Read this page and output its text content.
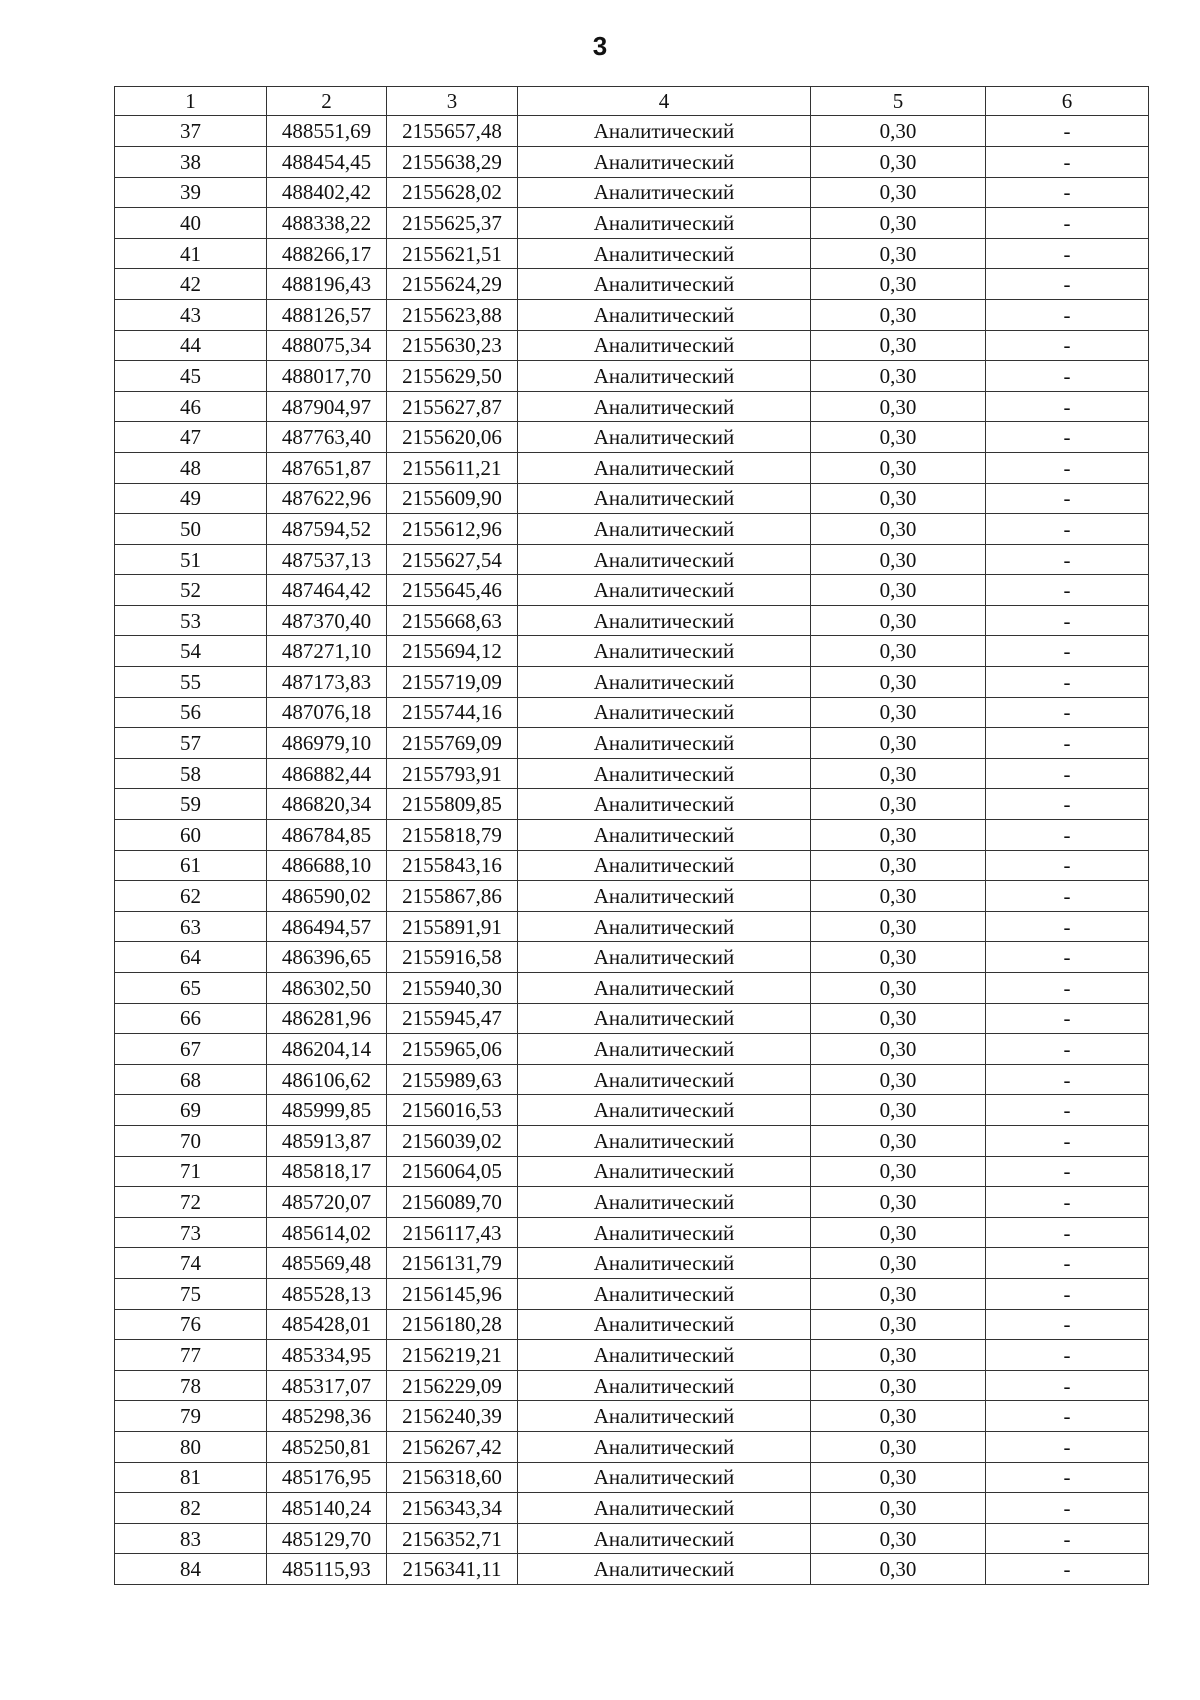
3
1	2	3	4	5	6
37	488551,69	2155657,48	Аналитический	0,30	-
38	488454,45	2155638,29	Аналитический	0,30	-
39	488402,42	2155628,02	Аналитический	0,30	-
40	488338,22	2155625,37	Аналитический	0,30	-
41	488266,17	2155621,51	Аналитический	0,30	-
42	488196,43	2155624,29	Аналитический	0,30	-
43	488126,57	2155623,88	Аналитический	0,30	-
44	488075,34	2155630,23	Аналитический	0,30	-
45	488017,70	2155629,50	Аналитический	0,30	-
46	487904,97	2155627,87	Аналитический	0,30	-
47	487763,40	2155620,06	Аналитический	0,30	-
48	487651,87	2155611,21	Аналитический	0,30	-
49	487622,96	2155609,90	Аналитический	0,30	-
50	487594,52	2155612,96	Аналитический	0,30	-
51	487537,13	2155627,54	Аналитический	0,30	-
52	487464,42	2155645,46	Аналитический	0,30	-
53	487370,40	2155668,63	Аналитический	0,30	-
54	487271,10	2155694,12	Аналитический	0,30	-
55	487173,83	2155719,09	Аналитический	0,30	-
56	487076,18	2155744,16	Аналитический	0,30	-
57	486979,10	2155769,09	Аналитический	0,30	-
58	486882,44	2155793,91	Аналитический	0,30	-
59	486820,34	2155809,85	Аналитический	0,30	-
60	486784,85	2155818,79	Аналитический	0,30	-
61	486688,10	2155843,16	Аналитический	0,30	-
62	486590,02	2155867,86	Аналитический	0,30	-
63	486494,57	2155891,91	Аналитический	0,30	-
64	486396,65	2155916,58	Аналитический	0,30	-
65	486302,50	2155940,30	Аналитический	0,30	-
66	486281,96	2155945,47	Аналитический	0,30	-
67	486204,14	2155965,06	Аналитический	0,30	-
68	486106,62	2155989,63	Аналитический	0,30	-
69	485999,85	2156016,53	Аналитический	0,30	-
70	485913,87	2156039,02	Аналитический	0,30	-
71	485818,17	2156064,05	Аналитический	0,30	-
72	485720,07	2156089,70	Аналитический	0,30	-
73	485614,02	2156117,43	Аналитический	0,30	-
74	485569,48	2156131,79	Аналитический	0,30	-
75	485528,13	2156145,96	Аналитический	0,30	-
76	485428,01	2156180,28	Аналитический	0,30	-
77	485334,95	2156219,21	Аналитический	0,30	-
78	485317,07	2156229,09	Аналитический	0,30	-
79	485298,36	2156240,39	Аналитический	0,30	-
80	485250,81	2156267,42	Аналитический	0,30	-
81	485176,95	2156318,60	Аналитический	0,30	-
82	485140,24	2156343,34	Аналитический	0,30	-
83	485129,70	2156352,71	Аналитический	0,30	-
84	485115,93	2156341,11	Аналитический	0,30	-
